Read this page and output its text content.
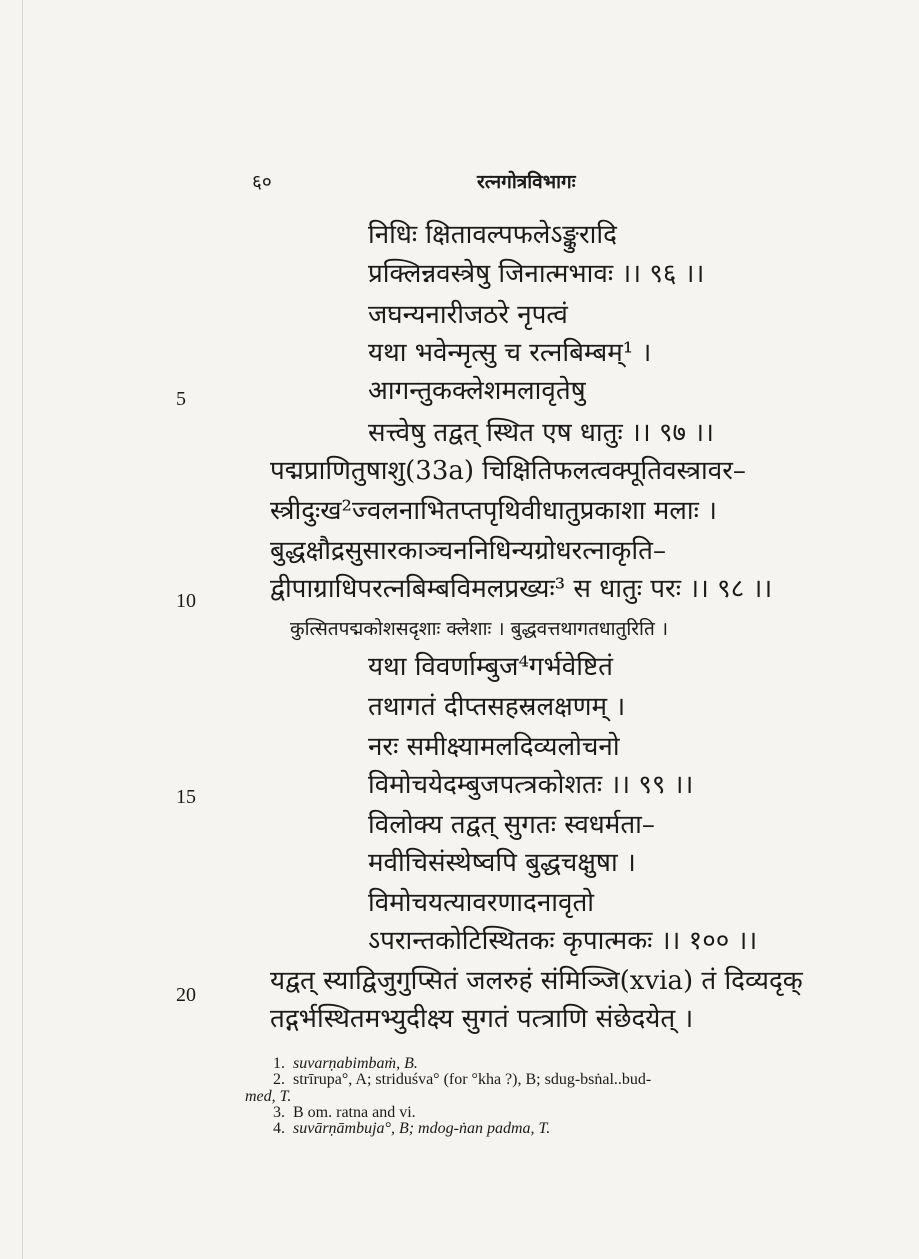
६०	रत्नगोत्रविभागः
निधिः क्षितावल्पफलेऽङ्कुरादि
प्रक्लिन्नवस्त्रेषु जिनात्मभावः ।। ९६ ।।
जघन्यनारीजठरे नृपत्वं
यथा भवेन्मृत्सु च रत्नबिम्बम्¹ ।
आगन्तुकक्लेशमलावृतेषु
सत्त्वेषु तद्वत् स्थित एष धातुः ।। ९७ ।।
पद्मप्राणितुषाशु(33a) चिक्षितिफलत्वक्पूतिवस्त्रावर–
स्त्रीदुःख²ज्वलनाभितप्तपृथिवीधातुप्रकाशा मलाः ।
बुद्धक्षौद्रसुसारकाञ्चननिधिन्यग्रोधरत्नाकृति–
द्वीपाग्राधिपरत्नबिम्बविमलप्रख्यः³ स धातुः परः ।। ९८ ।।
कुत्सितपद्मकोशसदृशाः क्लेशाः । बुद्धवत्तथागतधातुरिति ।
यथा विवर्णाम्बुज⁴गर्भवेष्टितं
तथागतं दीप्तसहस्रलक्षणम् ।
नरः समीक्ष्यामलदिव्यलोचनो
विमोचयेदम्बुजपत्त्रकोशतः ।। ९९ ।।
विलोक्य तद्वत् सुगतः स्वधर्मता–
मवीचिसंस्थेष्वपि बुद्धचक्षुषा ।
विमोचयत्यावरणादनावृतो
ऽपरान्तकोटिस्थितकः कृपात्मकः ।। १०० ।।
यद्वत् स्याद्विजुगुप्सितं जलरुहं संमिञ्जि(xvia) तं दिव्यदृक्
तद्गर्भस्थितमभ्युदीक्ष्य सुगतं पत्त्राणि संछेदयेत् ।
5
10
15
20

1. suvarṇabimbaṁ, B.

2. strīrupa°, A; striduśva° (for °kha ?), B; sdug-bsṅal..bud-

med, T.

3. B om. ratna and vi.

4. suvārṇāmbuja°, B; mdog-ṅan padma, T.
